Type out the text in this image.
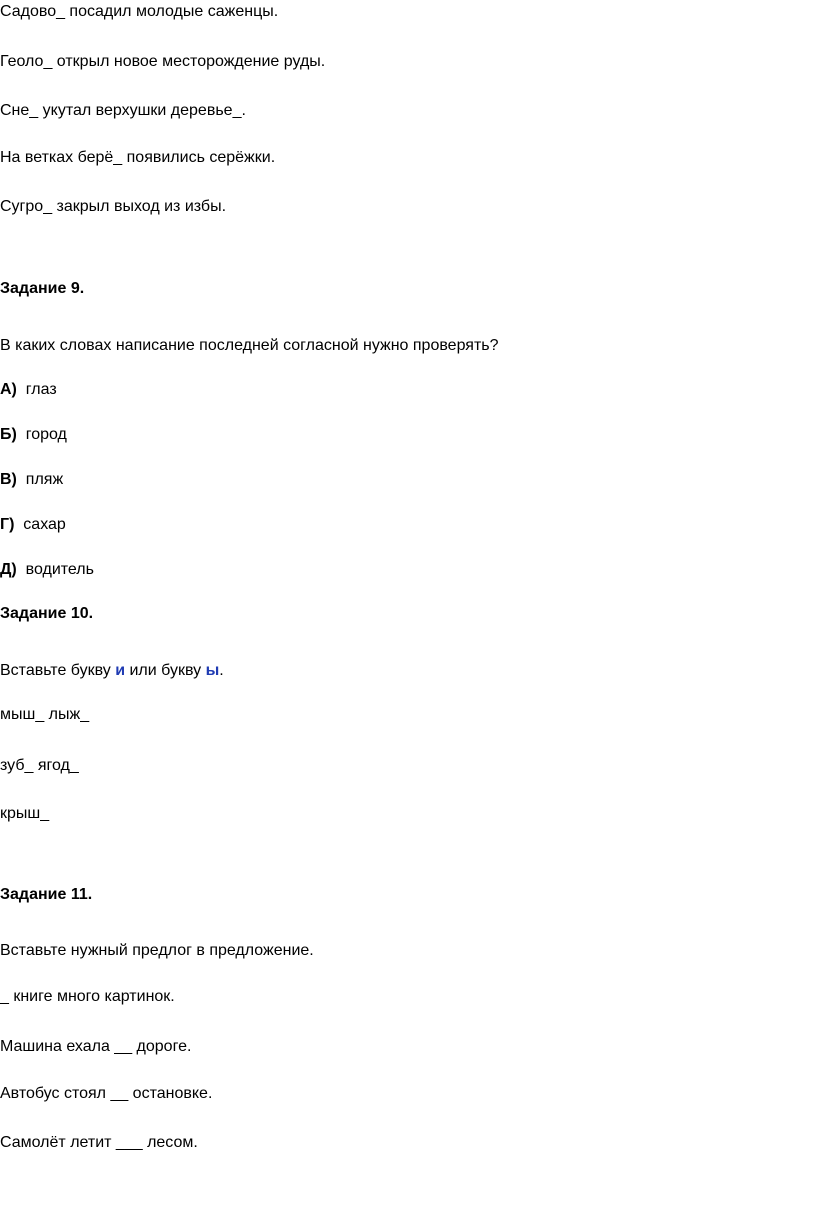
Садово_ посадил молодые саженцы.
Геоло_ открыл новое месторождение руды.
Сне_ укутал верхушки деревье_.
На ветках берё_ появились серёжки.
Сугро_ закрыл выход из избы.
Задание 9.
В каких словах написание последней согласной нужно проверять?
А) глаз
Б) город
В) пляж
Г) сахар
Д) водитель
Задание 10.
Вставьте букву и или букву ы.
мыш_ лыж_
зуб_ ягод_
крыш_
Задание 11.
Вставьте нужный предлог в предложение.
_ книге много картинок.
Машина ехала __ дороге.
Автобус стоял __ остановке.
Самолёт летит ___ лесом.
